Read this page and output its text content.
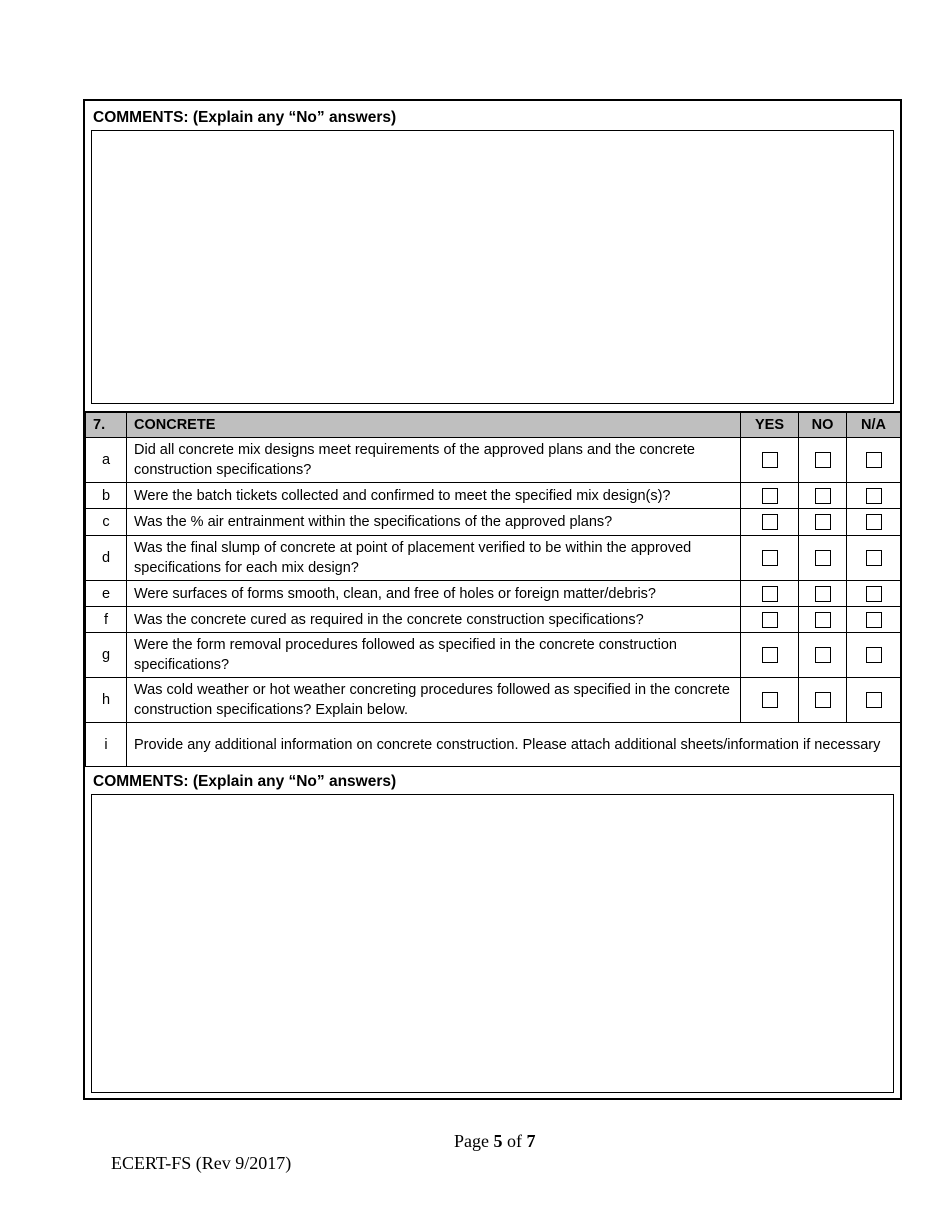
COMMENTS: (Explain any “No” answers)
7.	CONCRETE	YES	NO	N/A
a	Did all concrete mix designs meet requirements of the approved plans and the concrete construction specifications?			
b	Were the batch tickets collected and confirmed to meet the specified mix design(s)?			
c	Was the % air entrainment within the specifications of the approved plans?			
d	Was the final slump of concrete at point of placement verified to be within the approved specifications for each mix design?			
e	Were surfaces of forms smooth, clean, and free of holes or foreign matter/debris?			
f	Was the concrete cured as required in the concrete construction specifications?			
g	Were the form removal procedures followed as specified in the concrete construction specifications?			
h	Was cold weather or hot weather concreting procedures followed as specified in the concrete construction specifications? Explain below.			
i	Provide any additional information on concrete construction. Please attach additional sheets/information if necessary			
COMMENTS: (Explain any “No” answers)
Page 5 of 7
ECERT-FS (Rev 9/2017)
